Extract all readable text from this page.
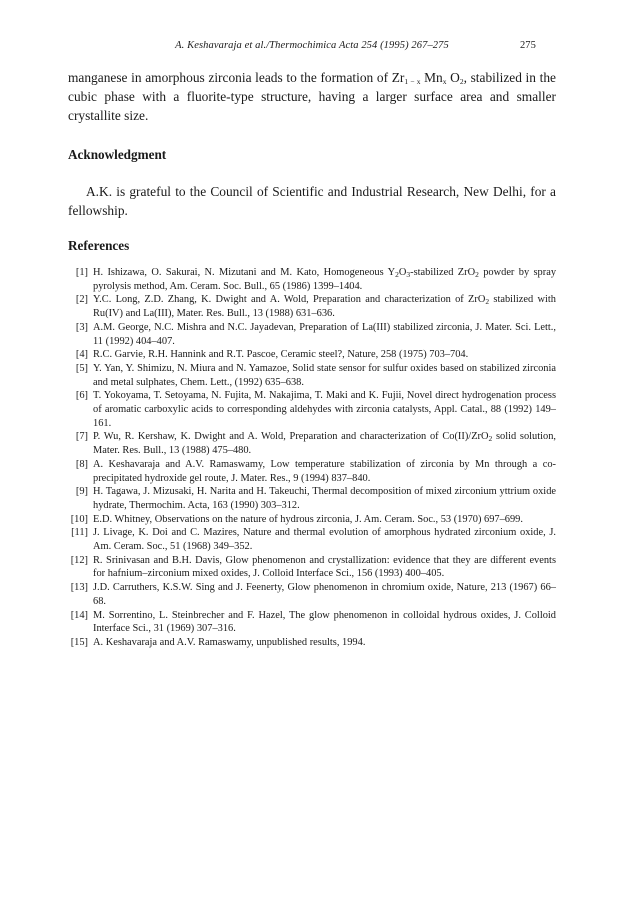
A. Keshavaraja et al./Thermochimica Acta 254 (1995) 267–275	275

manganese in amorphous zirconia leads to the formation of $Zr_{1 - x}$ $Mn_x$ $O_2$, stabilized in the cubic phase with a fluorite-type structure, having a larger surface area and smaller crystallite size.

Acknowledgment

A.K. is grateful to the Council of Scientific and Industrial Research, New Delhi, for a fellowship.

References
[1] H. Ishizawa, O. Sakurai, N. Mizutani and M. Kato, Homogeneous $Y_2O_3$-stabilized ZrO$_2$ powder by spray pyrolysis method, Am. Ceram. Soc. Bull., 65 (1986) 1399–1404.
[2] Y.C. Long, Z.D. Zhang, K. Dwight and A. Wold, Preparation and characterization of ZrO$_2$ stabilized with Ru(IV) and La(III), Mater. Res. Bull., 13 (1988) 631–636.
[3] A.M. George, N.C. Mishra and N.C. Jayadevan, Preparation of La(III) stabilized zirconia, J. Mater. Sci. Lett., 11 (1992) 404–407.
[4] R.C. Garvie, R.H. Hannink and R.T. Pascoe, Ceramic steel?, Nature, 258 (1975) 703–704.
[5] Y. Yan, Y. Shimizu, N. Miura and N. Yamazoe, Solid state sensor for sulfur oxides based on stabilized zirconia and metal sulphates, Chem. Lett., (1992) 635–638.
[6] T. Yokoyama, T. Setoyama, N. Fujita, M. Nakajima, T. Maki and K. Fujii, Novel direct hydrogenation process of aromatic carboxylic acids to corresponding aldehydes with zirconia catalysts, Appl. Catal., 88 (1992) 149–161.
[7] P. Wu, R. Kershaw, K. Dwight and A. Wold, Preparation and characterization of Co(II)/ZrO$_2$ solid solution, Mater. Res. Bull., 13 (1988) 475–480.
[8] A. Keshavaraja and A.V. Ramaswamy, Low temperature stabilization of zirconia by Mn through a co-precipitated hydroxide gel route, J. Mater. Res., 9 (1994) 837–840.
[9] H. Tagawa, J. Mizusaki, H. Narita and H. Takeuchi, Thermal decomposition of mixed zirconium yttrium oxide hydrate, Thermochim. Acta, 163 (1990) 303–312.
[10] E.D. Whitney, Observations on the nature of hydrous zirconia, J. Am. Ceram. Soc., 53 (1970) 697–699.
[11] J. Livage, K. Doi and C. Mazires, Nature and thermal evolution of amorphous hydrated zirconium oxide, J. Am. Ceram. Soc., 51 (1968) 349–352.
[12] R. Srinivasan and B.H. Davis, Glow phenomenon and crystallization: evidence that they are different events for hafnium–zirconium mixed oxides, J. Colloid Interface Sci., 156 (1993) 400–405.
[13] J.D. Carruthers, K.S.W. Sing and J. Feenerty, Glow phenomenon in chromium oxide, Nature, 213 (1967) 66–68.
[14] M. Sorrentino, L. Steinbrecher and F. Hazel, The glow phenomenon in colloidal hydrous oxides, J. Colloid Interface Sci., 31 (1969) 307–316.
[15] A. Keshavaraja and A.V. Ramaswamy, unpublished results, 1994.
